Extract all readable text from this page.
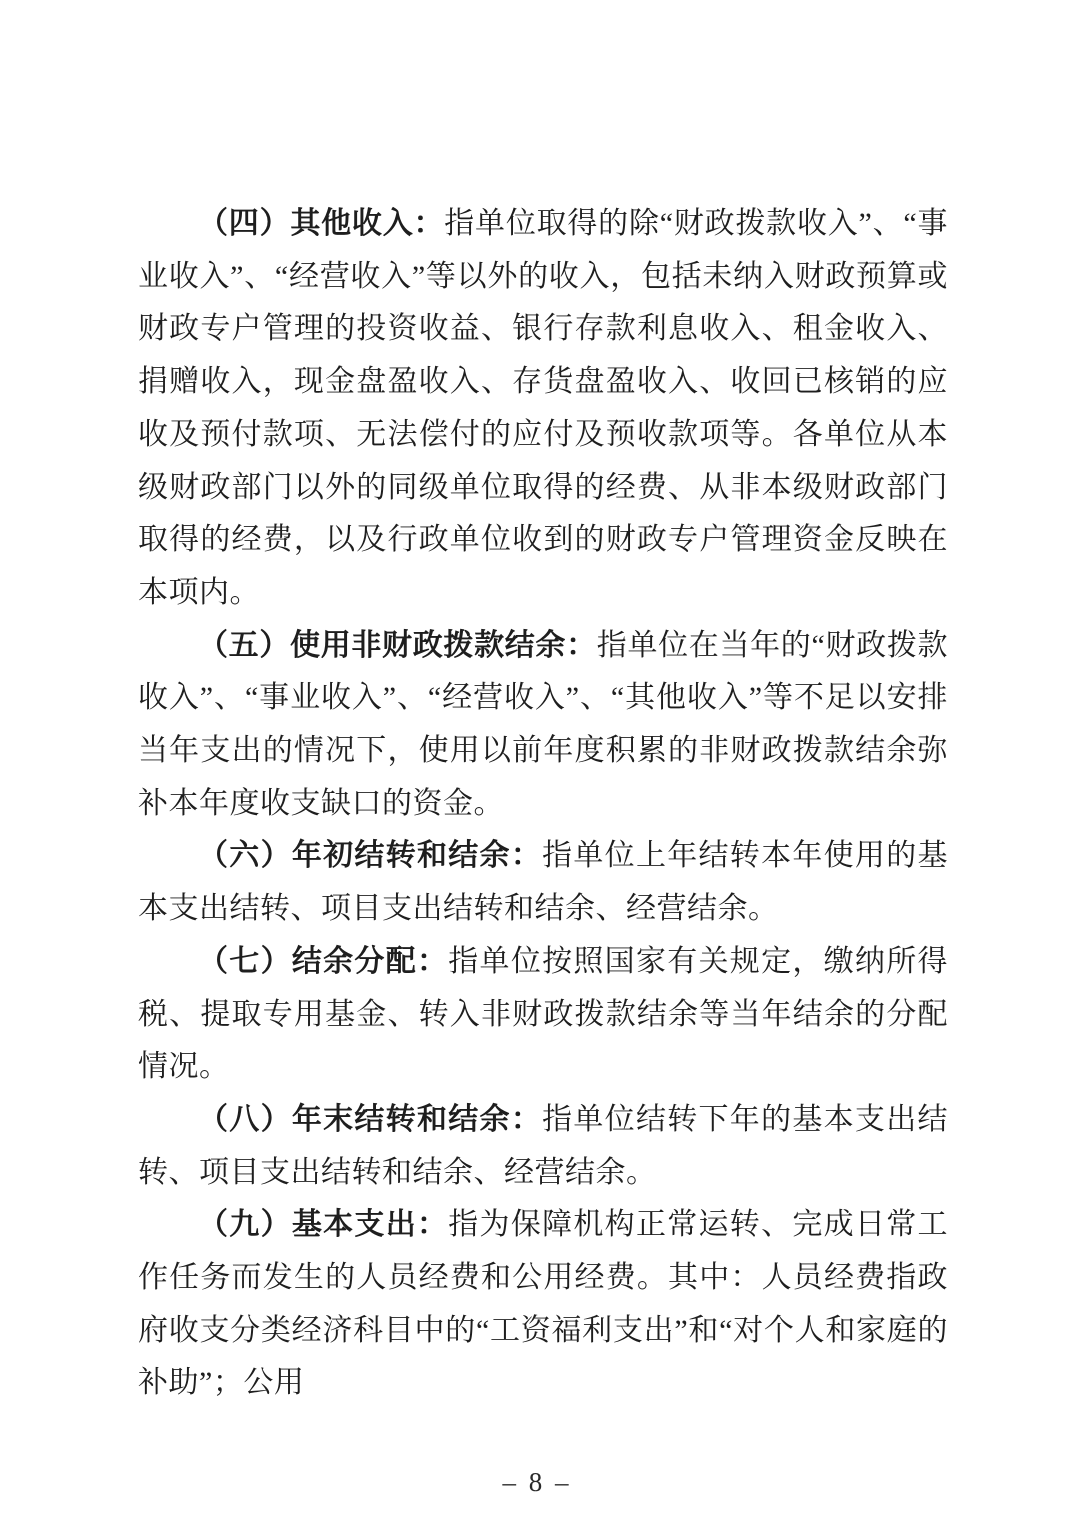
（四）其他收入：指单位取得的除“财政拨款收入”、“事业收入”、“经营收入”等以外的收入，包括未纳入财政预算或财政专户管理的投资收益、银行存款利息收入、租金收入、捐赠收入，现金盘盈收入、存货盘盈收入、收回已核销的应收及预付款项、无法偿付的应付及预收款项等。各单位从本级财政部门以外的同级单位取得的经费、从非本级财政部门取得的经费，以及行政单位收到的财政专户管理资金反映在本项内。

（五）使用非财政拨款结余：指单位在当年的“财政拨款收入”、“事业收入”、“经营收入”、“其他收入”等不足以安排当年支出的情况下，使用以前年度积累的非财政拨款结余弥补本年度收支缺口的资金。

（六）年初结转和结余：指单位上年结转本年使用的基本支出结转、项目支出结转和结余、经营结余。

（七）结余分配：指单位按照国家有关规定，缴纳所得税、提取专用基金、转入非财政拨款结余等当年结余的分配情况。

（八）年末结转和结余：指单位结转下年的基本支出结转、项目支出结转和结余、经营结余。

（九）基本支出：指为保障机构正常运转、完成日常工作任务而发生的人员经费和公用经费。其中：人员经费指政府收支分类经济科目中的“工资福利支出”和“对个人和家庭的补助”；公用

– 8 –
